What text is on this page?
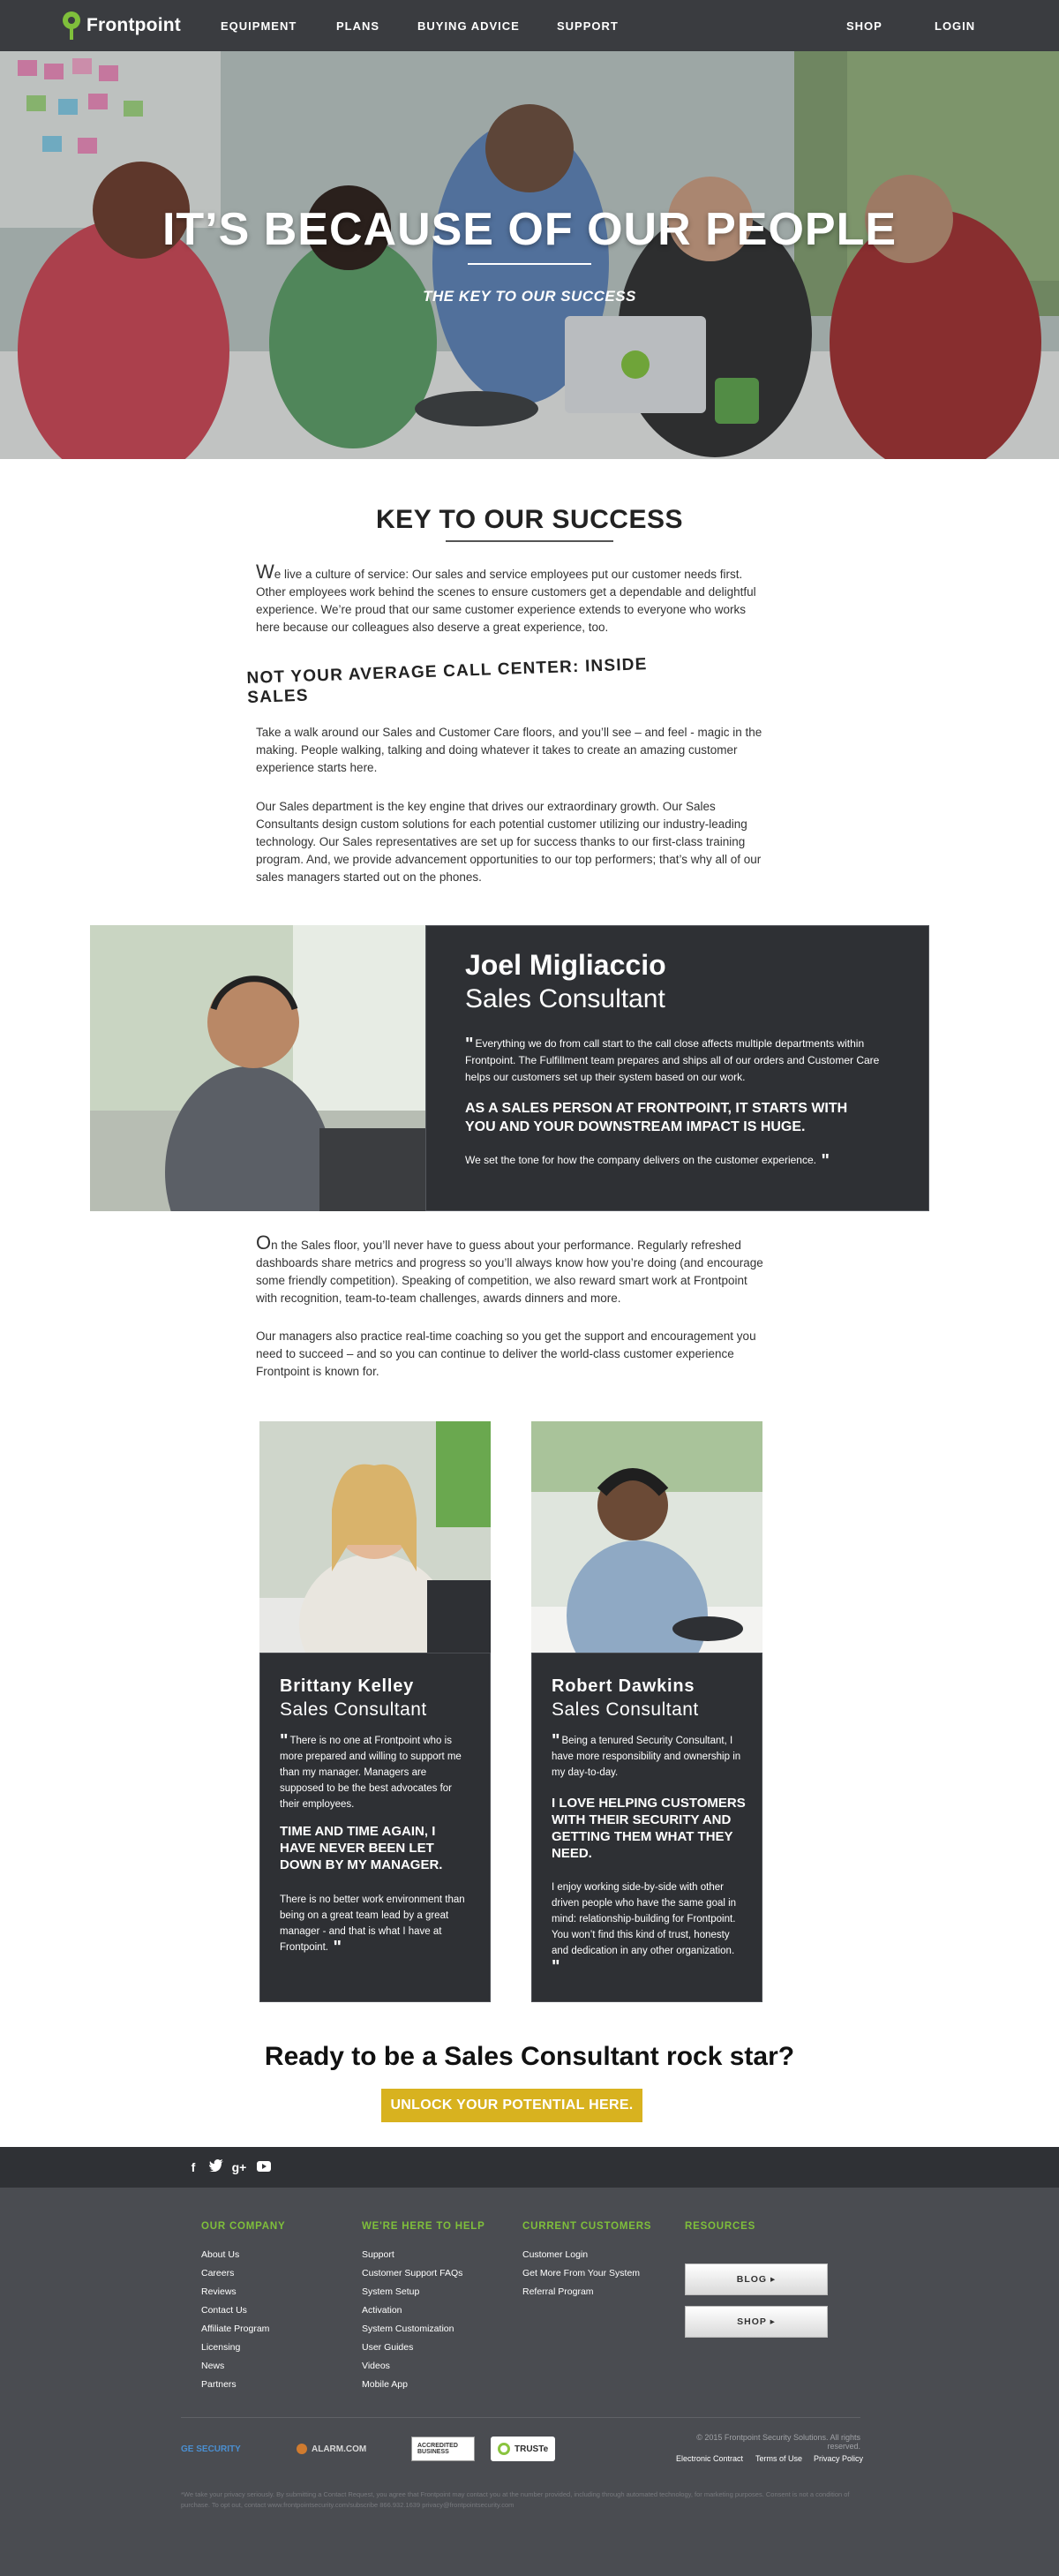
Frontpoint	EQUIPMENT	PLANS	BUYING ADVICE	SUPPORT	SHOP	LOGIN
IT’S BECAUSE OF OUR PEOPLE
THE KEY TO OUR SUCCESS
KEY TO OUR SUCCESS

We live a culture of service: Our sales and service employees put our customer needs first. Other employees work behind the scenes to ensure customers get a dependable and delightful experience. We’re proud that our same customer experience extends to everyone who works here because our colleagues also deserve a great experience, too.

NOT YOUR AVERAGE CALL CENTER: INSIDE SALES

Take a walk around our Sales and Customer Care floors, and you’ll see – and feel - magic in the making. People walking, talking and doing whatever it takes to create an amazing customer experience starts here.

Our Sales department is the key engine that drives our extraordinary growth. Our Sales Consultants design custom solutions for each potential customer utilizing our industry-leading technology. Our Sales representatives are set up for success thanks to our first-class training program. And, we provide advancement opportunities to our top performers; that’s why all of our sales managers started out on the phones.

Joel Migliaccio
Sales Consultant
" Everything we do from call start to the call close affects multiple departments within Frontpoint. The Fulfillment team prepares and ships all of our orders and Customer Care helps our customers set up their system based on our work.
AS A SALES PERSON AT FRONTPOINT, IT STARTS WITH YOU AND YOUR DOWNSTREAM IMPACT IS HUGE.
We set the tone for how the company delivers on the customer experience. "

On the Sales floor, you’ll never have to guess about your performance. Regularly refreshed dashboards share metrics and progress so you’ll always know how you’re doing (and encourage some friendly competition). Speaking of competition, we also reward smart work at Frontpoint with recognition, team-to-team challenges, awards dinners and more.

Our managers also practice real-time coaching so you get the support and encouragement you need to succeed – and so you can continue to deliver the world-class customer experience Frontpoint is known for.

Brittany Kelley
Sales Consultant
" There is no one at Frontpoint who is more prepared and willing to support me than my manager. Managers are supposed to be the best advocates for their employees.
TIME AND TIME AGAIN, I HAVE NEVER BEEN LET DOWN BY MY MANAGER.
There is no better work environment than being on a great team lead by a great manager - and that is what I have at Frontpoint. "
Robert Dawkins
Sales Consultant
" Being a tenured Security Consultant, I have more responsibility and ownership in my day-to-day.
I LOVE HELPING CUSTOMERS WITH THEIR SECURITY AND GETTING THEM WHAT THEY NEED.
I enjoy working side-by-side with other driven people who have the same goal in mind: relationship-building for Frontpoint. You won’t find this kind of trust, honesty and dedication in any other organization. "
Ready to be a Sales Consultant rock star?
UNLOCK YOUR POTENTIAL HERE.
f	g+
OUR COMPANY
About Us
Careers
Reviews
Contact Us
Affiliate Program
Licensing
News
Partners
WE'RE HERE TO HELP
Support
Customer Support FAQs
System Setup
Activation
System Customization
User Guides
Videos
Mobile App
CURRENT CUSTOMERS
Customer Login
Get More From Your System
Referral Program
RESOURCES
BLOG ▸
SHOP ▸
GE SECURITY	ALARM.COM	ACCREDITED BUSINESS	TRUSTe
© 2015 Frontpoint Security Solutions. All rights reserved.
Electronic Contract Terms of Use Privacy Policy
*We take your privacy seriously. By submitting a Contact Request, you agree that Frontpoint may contact you at the number provided, including through automated technology, for marketing purposes. Consent is not a condition of purchase. To opt out, contact www.frontpointsecurity.com/subscribe 866.932.1639 privacy@frontpointsecurity.com
